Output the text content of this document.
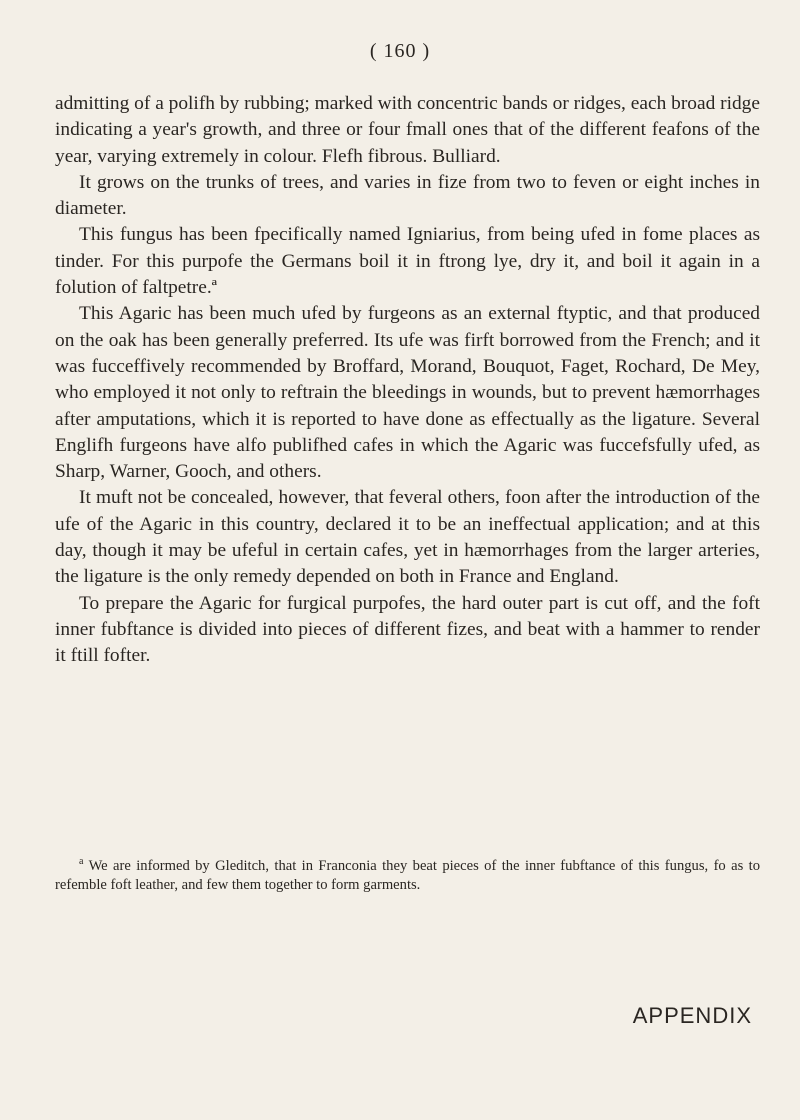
( 160 )

admitting of a polifh by rubbing; marked with concentric bands or ridges, each broad ridge indicating a year's growth, and three or four fmall ones that of the different feafons of the year, varying extremely in colour. Flefh fibrous. Bulliard.

It grows on the trunks of trees, and varies in fize from two to feven or eight inches in diameter.

This fungus has been fpecifically named Igniarius, from being ufed in fome places as tinder. For this purpofe the Germans boil it in ftrong lye, dry it, and boil it again in a folution of faltpetre.ª

This Agaric has been much ufed by furgeons as an external ftyptic, and that produced on the oak has been generally preferred. Its ufe was firft borrowed from the French; and it was fucceffively recommended by Broffard, Morand, Bouquot, Faget, Rochard, De Mey, who employed it not only to reftrain the bleedings in wounds, but to prevent hæmorrhages after amputations, which it is reported to have done as effectually as the ligature. Several Englifh furgeons have alfo publifhed cafes in which the Agaric was fuccefsfully ufed, as Sharp, Warner, Gooch, and others.

It muft not be concealed, however, that feveral others, foon after the introduction of the ufe of the Agaric in this country, declared it to be an ineffectual application; and at this day, though it may be ufeful in certain cafes, yet in hæmorrhages from the larger arteries, the ligature is the only remedy depended on both in France and England.

To prepare the Agaric for furgical purpofes, the hard outer part is cut off, and the foft inner fubftance is divided into pieces of different fizes, and beat with a hammer to render it ftill fofter.

$^a$ We are informed by Gleditch, that in Franconia they beat pieces of the inner fubftance of this fungus, fo as to refemble foft leather, and few them together to form garments.
APPENDIX
